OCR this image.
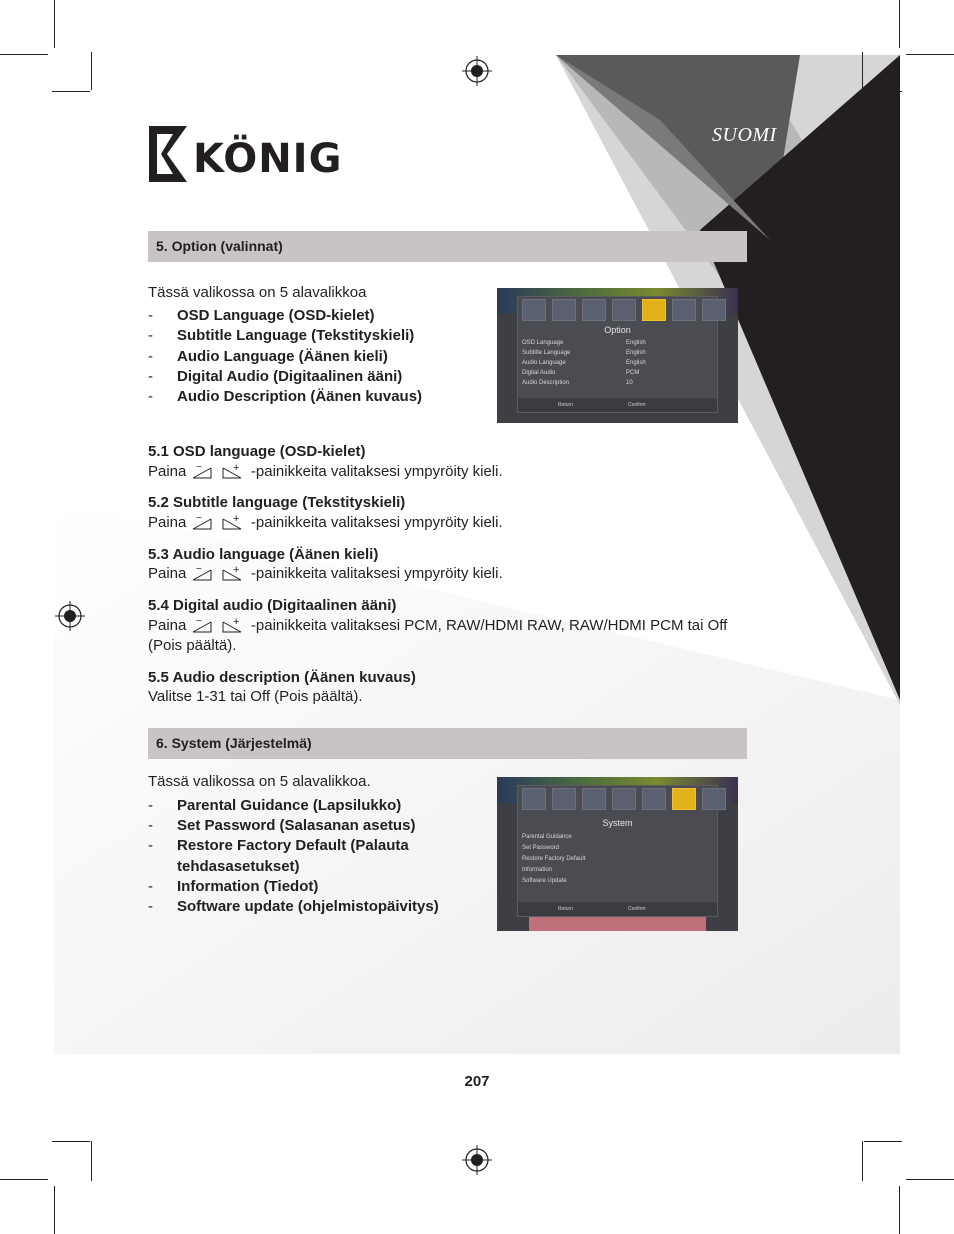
KÖNIG
SUOMI
5. Option (valinnat)
Tässä valikossa on 5 alavalikkoa
- OSD Language (OSD-kielet)
- Subtitle Language (Tekstityskieli)
- Audio Language (Äänen kieli)
- Digital Audio (Digitaalinen ääni)
- Audio Description (Äänen kuvaus)
Option
OSD Language	English
Subtitle Language	English
Audio Language	English
Digital Audio	PCM
Audio Description	10
Return	Confirm
5.1 OSD language (OSD-kielet)
Paina −
	+ -painikkeita valitaksesi ympyröity kieli.
5.2 Subtitle language (Tekstityskieli)
Paina −
	+ -painikkeita valitaksesi ympyröity kieli.
5.3 Audio language (Äänen kieli)
Paina −
	+ -painikkeita valitaksesi ympyröity kieli.
5.4 Digital audio (Digitaalinen ääni)
Paina −
	+ -painikkeita valitaksesi PCM, RAW/HDMI RAW, RAW/HDMI PCM tai Off
(Pois päältä).
5.5 Audio description (Äänen kuvaus)
Valitse 1-31 tai Off (Pois päältä).
6. System (Järjestelmä)
Tässä valikossa on 5 alavalikkoa.
- Parental Guidance (Lapsilukko)
- Set Password (Salasanan asetus)
- Restore Factory Default (Palauta
tehdasasetukset)
- Information (Tiedot)
- Software update (ohjelmistopäivitys)
System
Parental Guidance
Set Password
Restore Factory Default
Information
Software Update
Return	Confirm
207
